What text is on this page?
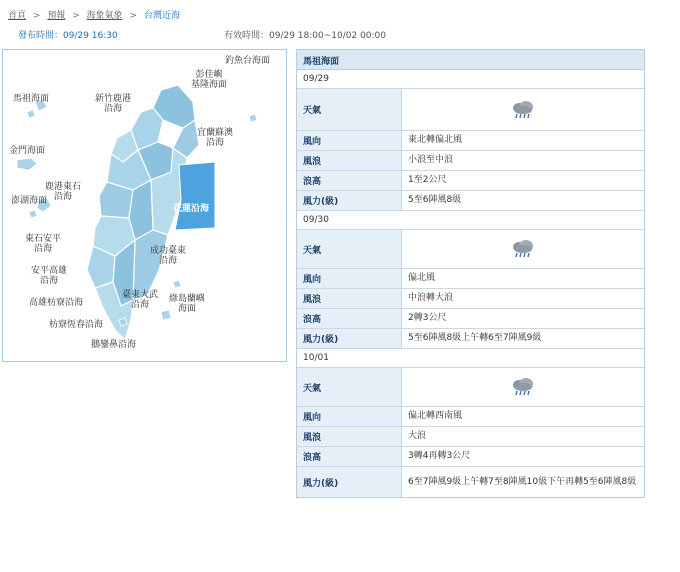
首頁 > 預報 > 海象氣象 > 台灣近海
發布時間：09/29 16:30	有效時間：09/29 18:00~10/02 00:00
釣魚台海面
彭佳嶼
基隆海面
馬祖海面	新竹鹿港
沿海
宜蘭蘇澳
沿海
金門海面
鹿港東石
沿海
澎湖海面
花蓮沿海
東石安平
沿海	成功臺東
沿海
安平高雄
沿海
臺東大武
沿海
綠島蘭嶼
海面
高雄枋寮沿海
枋寮恆春沿海
鵝鑾鼻沿海
馬祖海面
09/29
天氣
風向	東北轉偏北風
風浪	小浪至中浪
浪高	1至2公尺
風力(級)	5至6陣風8級
09/30
天氣
風向	偏北風
風浪	中浪轉大浪
浪高	2轉3公尺
風力(級)	5至6陣風8級上午轉6至7陣風9級
10/01
天氣
風向	偏北轉西南風
風浪	大浪
浪高	3轉4再轉3公尺
風力(級)	6至7陣風9級上午轉7至8陣風10級下午再轉5至6陣風8級
